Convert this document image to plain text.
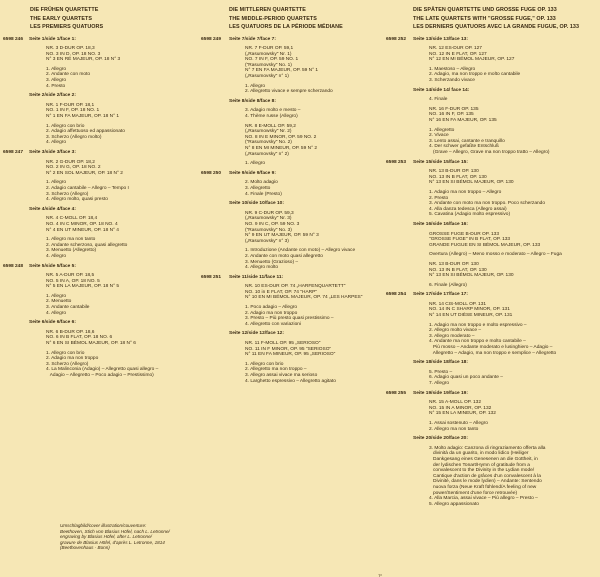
DIE FRÜHEN QUARTETTE
THE EARLY QUARTETS
LES PREMIERS QUATUORS
6598 246	Seite 1/side 1/face 1:
NR. 3 D-DUR OP. 18,3
NO. 3 IN D, OP. 18 NO. 3
N° 3 EN RÉ MAJEUR, OP. 18 N° 3
1. Allegro
2. Andante con moto
3. Allegro
4. Presto
Seite 2/side 2/face 2:
NR. 1 F-DUR OP. 18,1
NO. 1 IN F, OP. 18 NO. 1
N° 1 EN FA MAJEUR, OP. 18 N° 1
1. Allegro con brio
2. Adagio affettuoso ed appassionato
3. Scherzo (Allegro molto)
4. Allegro
6598 247	Seite 3/side 3/face 3:
NR. 2 G-DUR OP. 18,2
NO. 2 IN G, OP. 18 NO. 2
N° 2 EN SOL MAJEUR, OP. 18 N° 2
1. Allegro
2. Adagio cantabile – Allegro – Tempo I
3. Scherzo (Allegro)
4. Allegro molto, quasi presto
Seite 4/side 4/face 4:
NR. 4 C-MOLL OP. 18,4
NO. 4 IN C MINOR, OP. 18 NO. 4
N° 4 EN UT MINEUR, OP. 18 N° 4
1. Allegro ma non tanto
2. Andante scherzoso, quasi allegretto
3. Menuetto (Allegretto)
4. Allegro
6598 248	Seite 5/side 5/face 5:
NR. 5 A-DUR OP. 18,5
NO. 5 IN A, OP. 18 NO. 5
N° 5 EN LA MAJEUR, OP. 18 N° 5
1. Allegro
2. Menuetto
3. Andante cantabile
4. Allegro
Seite 6/side 6/face 6:
NR. 6 B-DUR OP. 18,6
NO. 6 IN B FLAT, OP. 18 NO. 6
N° 6 EN SI BÉMOL MAJEUR, OP. 18 N° 6
1. Allegro con brio
2. Adagio ma non troppo
3. Scherzo (Allegro)
4. La Malinconia (Adagio) – Allegretto quasi allegro –
Adagio – Allegretto – Poco adagio – Prestissimo)
DIE MITTLEREN QUARTETTE
THE MIDDLE-PERIOD QUARTETS
LES QUATUORS DE LA PÉRIODE MÉDIANE
6598 249	Seite 7/side 7/face 7:
NR. 7 F-DUR OP. 59,1
(„Rasumowsky" Nr. 1)
NO. 7 IN F, OP. 59 NO. 1
("Rasumovsky" No. 1)
N° 7 EN FA MAJEUR, OP. 59 N° 1
(„Rasumovsky" n° 1)
1. Allegro
2. Allegretto vivace e sempre scherzando
Seite 8/side 8/face 8:
3. Adagio molto e mesto –
4. Thème russe (Allegro)
NR. 8 E-MOLL OP. 59,2
(„Rasumowsky" Nr. 2)
NO. 8 IN E MINOR, OP. 59 NO. 2
("Rasumovsky" No. 2)
N° 8 EN MI MINEUR, OP. 59 N° 2
(„Rasumovsky" n° 2)
1. Allegro
6598 250	Seite 9/side 9/face 9:
2. Molto adagio
3. Allegretto
4. Finale (Presto)
Seite 10/side 10/face 10:
NR. 9 C-DUR OP. 59,3
(„Rasumowsky" Nr. 3)
NO. 9 IN C, OP. 59 NO. 3
("Rasumovsky" No. 3)
N° 9 EN UT MAJEUR, OP. 59 N° 3
(„Rasumovsky" n° 3)
1. Introduzione (Andante con moto) – Allegro vivace
2. Andante con moto quasi allegretto
3. Menuetto (Grazioso) –
4. Allegro molto
6598 251	Seite 11/side 11/face 11:
NR. 10 ES-DUR OP. 74 „HARFENQUARTETT"
NO. 10 in E FLAT, OP. 74 "HARP"
N° 10 EN MI BÉMOL MAJEUR, OP. 74 „LES HARPES"
1. Poco adagio – Allegro
2. Adagio ma non troppo
3. Presto – Più presto quasi prestissimo –
4. Allegretto con variazioni
Seite 12/side 12/face 12:
NR. 11 F-MOLL OP. 95 „SERIOSO"
NO. 11 IN F MINOR, OP. 95 "SERIOSO"
N° 11 EN FA MINEUR, OP. 95 „SERIOSO"
1. Allegro con brio
2. Allegretto ma non troppo –
3. Allegro assai vivace ma serioso
4. Larghetto espressivo – Allegretto agitato
DIE SPÄTEN QUARTETTE UND GROSSE FUGE OP. 133
THE LATE QUARTETS WITH "GROSSE FUGE," OP. 133
LES DERNIERS QUATUORS AVEC LA GRANDE FUGUE, OP. 133
6598 252	Seite 13/side 13/face 13:
NR. 12 ES-DUR OP. 127
NO. 12 IN E FLAT, OP. 127
N° 12 EN MI BÉMOL MAJEUR, OP. 127
1. Maestoso – Allegro
2. Adagio, ma non troppo e molto cantabile
3. Scherzando vivace
Seite 14/side 14/ face 14:
4. Finale
NR. 16 F-DUR OP. 135
NO. 16 IN F, OP. 135
N° 16 EN FA MAJEUR, OP. 135
1. Allegretto
2. Vivace
3. Lento assai, cantante e tranquillo
4. Der schwer gefaßte Entschluß
(Grave – Allegro, Grave ma non troppo tratto – Allegro)
6598 253	Seite 15/side 15/face 15:
NR. 13 B-DUR OP. 130
NO. 13 IN B FLAT, OP. 130
N° 13 EN SI BÉMOL MAJEUR, OP. 130
1. Adagio ma non troppo – Allegro
2. Presto
3. Andante con moto ma non troppo. Poco scherzando
4. Alla danza tedesca (Allegro assai)
5. Cavatina (Adagio molto espressivo)
Seite 16/side 16/face 16:
GROSSE FUGE B-DUR OP. 133
"GROSSE FUGE" IN B FLAT, OP. 133
GRANDE FUGUE EN SI BÉMOL MAJEUR, OP. 133
Overtura (Allegro) – Meno mosso e moderato – Allegro – Fuga
NR. 13 B-DUR OP. 130
NO. 13 IN B FLAT, OP. 130
N° 13 EN SI BÉMOL MAJEUR, OP. 130
6. Finale (Allegro)
6598 254	Seite 17/side 17/face 17:
NR. 14 CIS-MOLL OP. 131
NO. 14 IN C SHARP MINOR, OP. 131
N° 14 EN UT DIÈSE MINEUR, OP. 131
1. Adagio ma non troppo e molto espressivo –
2. Allegro molto vivace –
3. Allegro moderato –
4. Andante ma non troppo e molto cantabile –
Più mosso – Andante moderato e lusinghiero – Adagio –
Allegretto – Adagio, ma non troppo e semplice – Allegretto
Seite 18/side 18/face 18:
5. Presto –
6. Adagio quasi un poco andante –
7. Allegro
6598 255	Seite 19/side 19/face 19:
NR. 15 A-MOLL OP. 132
NO. 15 IN A MINOR, OP. 132
N° 15 EN LA MINEUR, OP. 132
1. Assai sostenuto – Allegro
2. Allegro ma non tanto
Seite 20/side 20/face 20:
3. Molto adagio: Canzona di ringraziamento offerta alla
divinità da un guarito, in modo lidico (Heiliger
Dankgesang eines Genesenen an die Gottheit, in
der lydischen Tonart/Hymn of gratitude from a
convalescent to the Divinity in the Lydian mode/
Cantique d'action de grâces d'un convalescent à la
Divinité, dans le mode lydien) – Andante: Sentendo
nuova forza (Neue Kraft fühlend/A feeling of new
power/Sentiment d'une force retrouvée)
4. Alla Marcia, assai vivace – Più allegro – Presto –
5. Allegro appassionato
Umschlagbild/cover illustration/couverture:
Beethoven, Stich von Blasius Höfel, nach L. Letronne/
engraving by Blasius Höfel, after L. Letronne/
gravure de Blasius Höfel, d'après L. Letronne, 1814
(Beethovenhaus · Bonn)
·p
